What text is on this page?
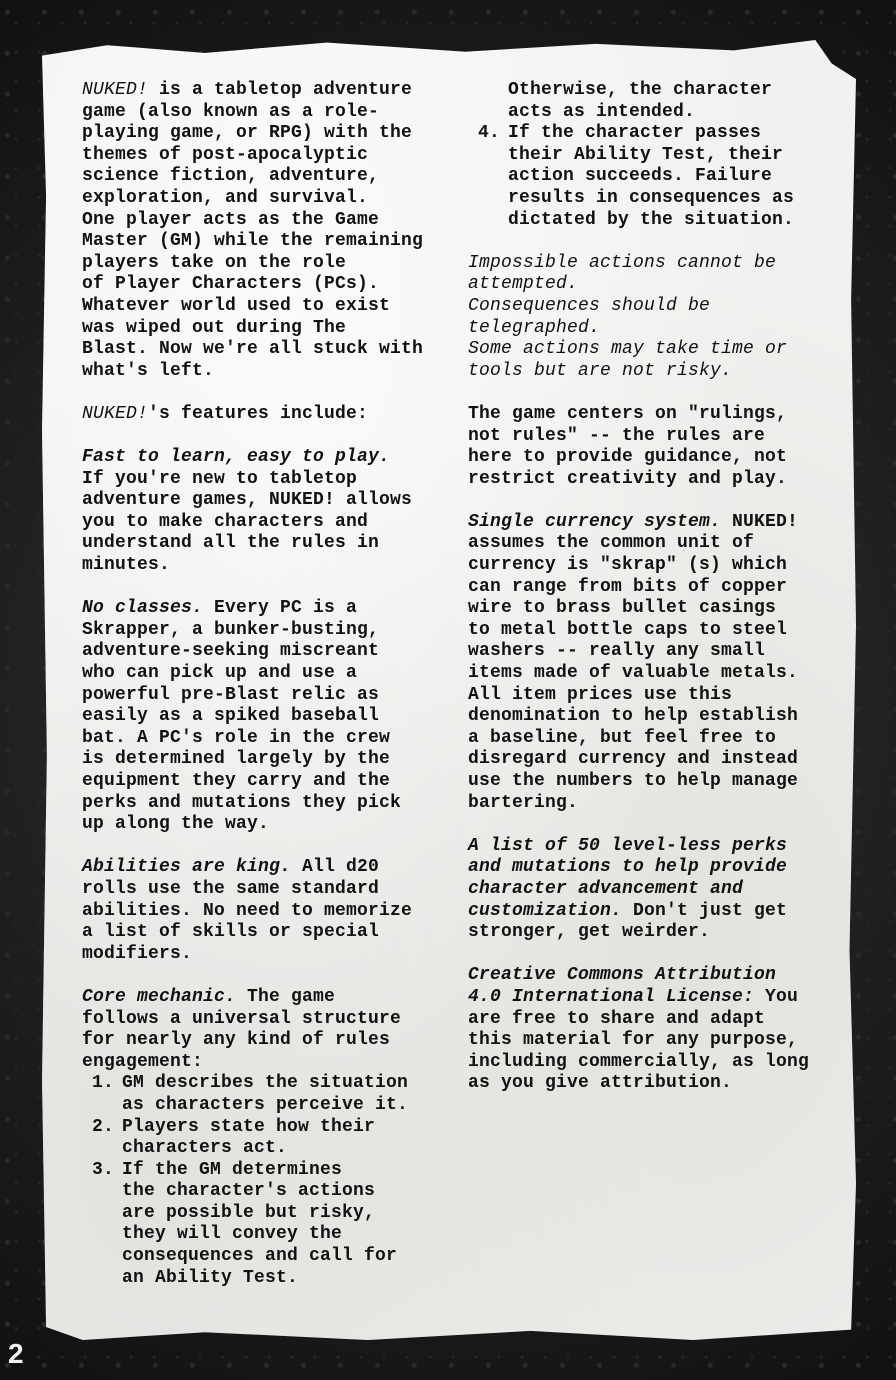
NUKED! is a tabletop adventure
game (also known as a role-
playing game, or RPG) with the
themes of post-apocalyptic
science fiction, adventure,
exploration, and survival.
One player acts as the Game
Master (GM) while the remaining
players take on the role
of Player Characters (PCs).
Whatever world used to exist
was wiped out during The
Blast. Now we're all stuck with
what's left.

NUKED!'s features include:

Fast to learn, easy to play.
If you're new to tabletop
adventure games, NUKED! allows
you to make characters and
understand all the rules in
minutes.

No classes. Every PC is a
Skrapper, a bunker-busting,
adventure-seeking miscreant
who can pick up and use a
powerful pre-Blast relic as
easily as a spiked baseball
bat. A PC's role in the crew
is determined largely by the
equipment they carry and the
perks and mutations they pick
up along the way.

Abilities are king. All d20
rolls use the same standard
abilities. No need to memorize
a list of skills or special
modifiers.

Core mechanic. The game
follows a universal structure
for nearly any kind of rules
engagement:

1. GM describes the situation
as characters perceive it.
2. Players state how their
characters act.
3. If the GM determines
the character's actions
are possible but risky,
they will convey the
consequences and call for
an Ability Test.
Otherwise, the character
acts as intended.
4. If the character passes
their Ability Test, their
action succeeds. Failure
results in consequences as
dictated by the situation.

Impossible actions cannot be
attempted.
Consequences should be
telegraphed.
Some actions may take time or
tools but are not risky.

The game centers on "rulings,
not rules" -- the rules are
here to provide guidance, not
restrict creativity and play.

Single currency system. NUKED!
assumes the common unit of
currency is "skrap" (s) which
can range from bits of copper
wire to brass bullet casings
to metal bottle caps to steel
washers -- really any small
items made of valuable metals.
All item prices use this
denomination to help establish
a baseline, but feel free to
disregard currency and instead
use the numbers to help manage
bartering.

A list of 50 level-less perks
and mutations to help provide
character advancement and
customization. Don't just get
stronger, get weirder.

Creative Commons Attribution
4.0 International License: You
are free to share and adapt
this material for any purpose,
including commercially, as long
as you give attribution.

2
